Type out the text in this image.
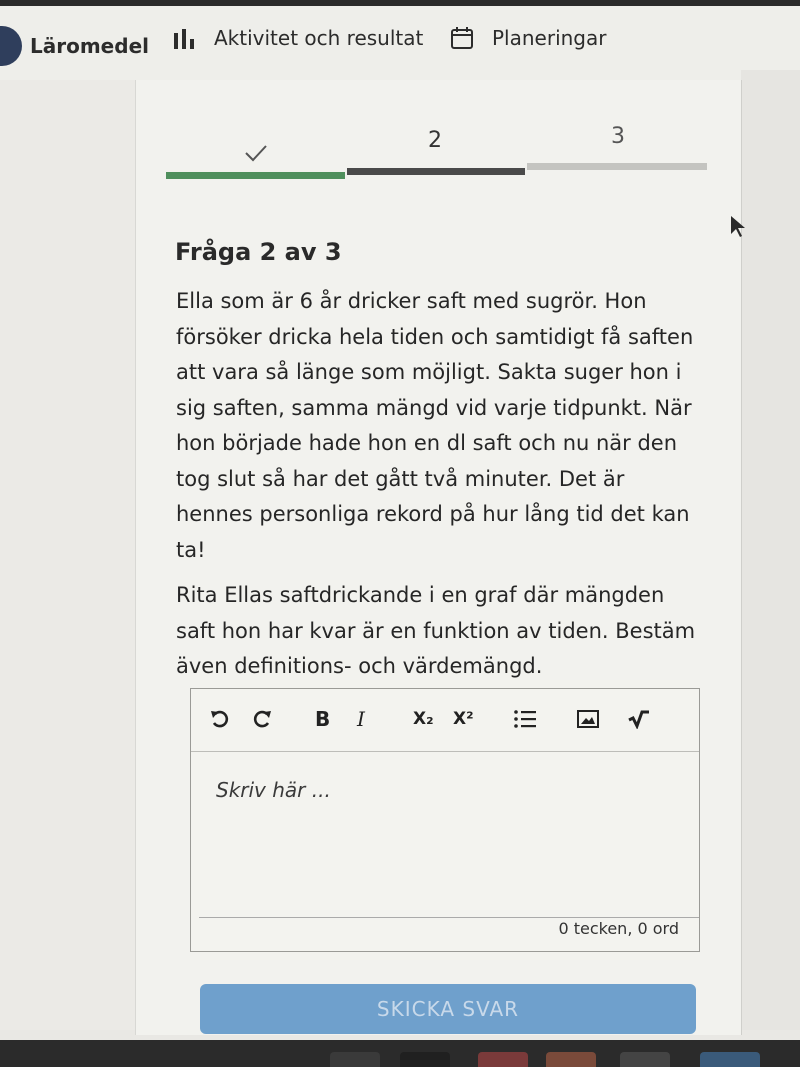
Läromedel	Aktivitet och resultat	Planeringar
2	3
Fråga 2 av 3

Ella som är 6 år dricker saft med sugrör. Hon försöker dricka hela tiden och samtidigt få saften att vara så länge som möjligt. Sakta suger hon i sig saften, samma mängd vid varje tidpunkt. När hon började hade hon en dl saft och nu när den tog slut så har det gått två minuter. Det är hennes personliga rekord på hur lång tid det kan ta!

Rita Ellas saftdrickande i en graf där mängden saft hon har kvar är en funktion av tiden. Bestäm även definitions- och värdemängd.

B I	X₂ X²
Skriv här ...
0 tecken, 0 ord
SKICKA SVAR
